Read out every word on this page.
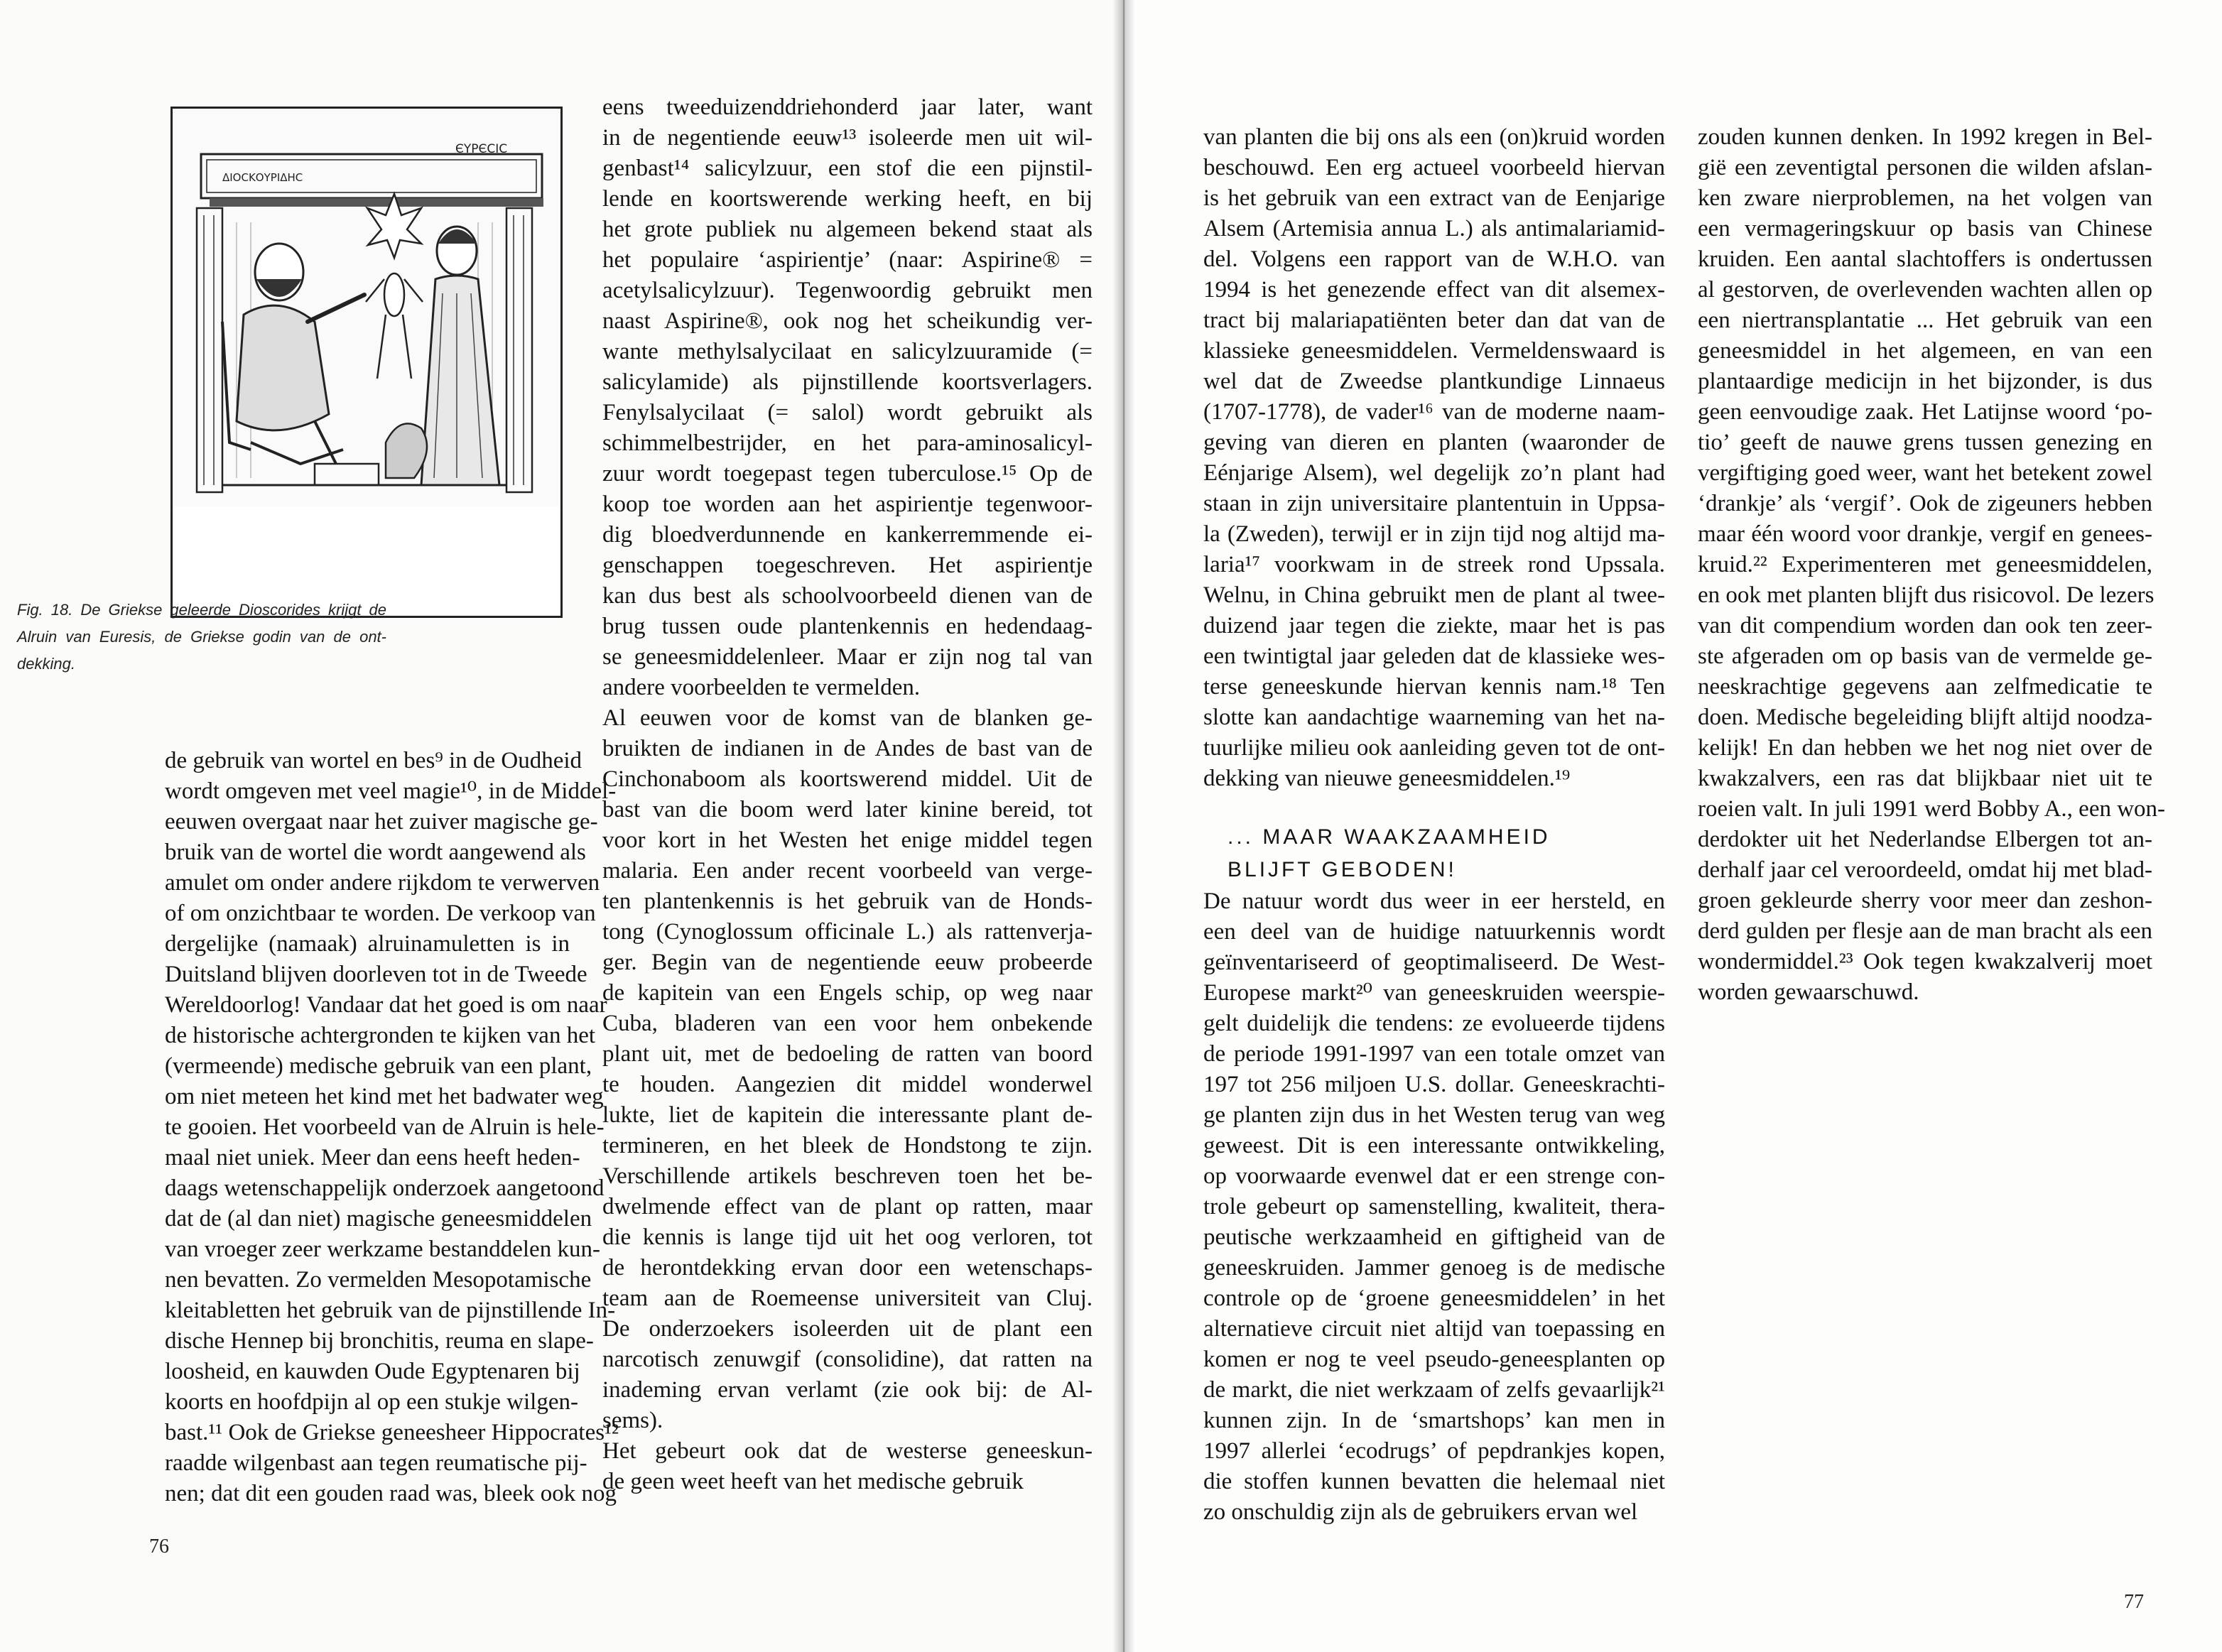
ΔΙΟCΚΟΥΡΙΔΗC
ЄΥΡЄCIC
Fig. 18. De Griekse geleerde Dioscorides krijgt de
Alruin van Euresis, de Griekse godin van de ont-
dekking.
de gebruik van wortel en bes⁹ in de Oudheid
wordt omgeven met veel magie¹⁰, in de Middel-
eeuwen overgaat naar het zuiver magische ge-
bruik van de wortel die wordt aangewend als
amulet om onder andere rijkdom te verwerven
of om onzichtbaar te worden. De verkoop van
dergelijke (namaak) alruinamuletten is in
Duitsland blijven doorleven tot in de Tweede
Wereldoorlog! Vandaar dat het goed is om naar
de historische achtergronden te kijken van het
(vermeende) medische gebruik van een plant,
om niet meteen het kind met het badwater weg
te gooien. Het voorbeeld van de Alruin is hele-
maal niet uniek. Meer dan eens heeft heden-
daags wetenschappelijk onderzoek aangetoond
dat de (al dan niet) magische geneesmiddelen
van vroeger zeer werkzame bestanddelen kun-
nen bevatten. Zo vermelden Mesopotamische
kleitabletten het gebruik van de pijnstillende In-
dische Hennep bij bronchitis, reuma en slape-
loosheid, en kauwden Oude Egyptenaren bij
koorts en hoofdpijn al op een stukje wilgen-
bast.¹¹ Ook de Griekse geneesheer Hippocrates¹²
raadde wilgenbast aan tegen reumatische pij-
nen; dat dit een gouden raad was, bleek ook nog
eens tweeduizenddriehonderd jaar later, want
in de negentiende eeuw¹³ isoleerde men uit wil-
genbast¹⁴ salicylzuur, een stof die een pijnstil-
lende en koortswerende werking heeft, en bij
het grote publiek nu algemeen bekend staat als
het populaire ‘aspirientje’ (naar: Aspirine® =
acetylsalicylzuur). Tegenwoordig gebruikt men
naast Aspirine®, ook nog het scheikundig ver-
wante methylsalycilaat en salicylzuuramide (=
salicylamide) als pijnstillende koortsverlagers.
Fenylsalycilaat (= salol) wordt gebruikt als
schimmelbestrijder, en het para-aminosalicyl-
zuur wordt toegepast tegen tuberculose.¹⁵ Op de
koop toe worden aan het aspirientje tegenwoor-
dig bloedverdunnende en kankerremmende ei-
genschappen toegeschreven. Het aspirientje
kan dus best als schoolvoorbeeld dienen van de
brug tussen oude plantenkennis en hedendaag-
se geneesmiddelenleer. Maar er zijn nog tal van
andere voorbeelden te vermelden.
Al eeuwen voor de komst van de blanken ge-
bruikten de indianen in de Andes de bast van de
Cinchonaboom als koortswerend middel. Uit de
bast van die boom werd later kinine bereid, tot
voor kort in het Westen het enige middel tegen
malaria. Een ander recent voorbeeld van verge-
ten plantenkennis is het gebruik van de Honds-
tong (Cynoglossum officinale L.) als rattenverja-
ger. Begin van de negentiende eeuw probeerde
de kapitein van een Engels schip, op weg naar
Cuba, bladeren van een voor hem onbekende
plant uit, met de bedoeling de ratten van boord
te houden. Aangezien dit middel wonderwel
lukte, liet de kapitein die interessante plant de-
termineren, en het bleek de Hondstong te zijn.
Verschillende artikels beschreven toen het be-
dwelmende effect van de plant op ratten, maar
die kennis is lange tijd uit het oog verloren, tot
de herontdekking ervan door een wetenschaps-
team aan de Roemeense universiteit van Cluj.
De onderzoekers isoleerden uit de plant een
narcotisch zenuwgif (consolidine), dat ratten na
inademing ervan verlamt (zie ook bij: de Al-
sems).
Het gebeurt ook dat de westerse geneeskun-
de geen weet heeft van het medische gebruik
76
van planten die bij ons als een (on)kruid worden
beschouwd. Een erg actueel voorbeeld hiervan
is het gebruik van een extract van de Eenjarige
Alsem (Artemisia annua L.) als antimalariamid-
del. Volgens een rapport van de W.H.O. van
1994 is het genezende effect van dit alsemex-
tract bij malariapatiënten beter dan dat van de
klassieke geneesmiddelen. Vermeldenswaard is
wel dat de Zweedse plantkundige Linnaeus
(1707-1778), de vader¹⁶ van de moderne naam-
geving van dieren en planten (waaronder de
Eénjarige Alsem), wel degelijk zo’n plant had
staan in zijn universitaire plantentuin in Uppsa-
la (Zweden), terwijl er in zijn tijd nog altijd ma-
laria¹⁷ voorkwam in de streek rond Upssala.
Welnu, in China gebruikt men de plant al twee-
duizend jaar tegen die ziekte, maar het is pas
een twintigtal jaar geleden dat de klassieke wes-
terse geneeskunde hiervan kennis nam.¹⁸ Ten
slotte kan aandachtige waarneming van het na-
tuurlijke milieu ook aanleiding geven tot de ont-
dekking van nieuwe geneesmiddelen.¹⁹
... MAAR WAAKZAAMHEID
BLIJFT GEBODEN!
De natuur wordt dus weer in eer hersteld, en
een deel van de huidige natuurkennis wordt
geïnventariseerd of geoptimaliseerd. De West-
Europese markt²⁰ van geneeskruiden weerspie-
gelt duidelijk die tendens: ze evolueerde tijdens
de periode 1991-1997 van een totale omzet van
197 tot 256 miljoen U.S. dollar. Geneeskrachti-
ge planten zijn dus in het Westen terug van weg
geweest. Dit is een interessante ontwikkeling,
op voorwaarde evenwel dat er een strenge con-
trole gebeurt op samenstelling, kwaliteit, thera-
peutische werkzaamheid en giftigheid van de
geneeskruiden. Jammer genoeg is de medische
controle op de ‘groene geneesmiddelen’ in het
alternatieve circuit niet altijd van toepassing en
komen er nog te veel pseudo-geneesplanten op
de markt, die niet werkzaam of zelfs gevaarlijk²¹
kunnen zijn. In de ‘smartshops’ kan men in
1997 allerlei ‘ecodrugs’ of pepdrankjes kopen,
die stoffen kunnen bevatten die helemaal niet
zo onschuldig zijn als de gebruikers ervan wel
zouden kunnen denken. In 1992 kregen in Bel-
gië een zeventigtal personen die wilden afslan-
ken zware nierproblemen, na het volgen van
een vermageringskuur op basis van Chinese
kruiden. Een aantal slachtoffers is ondertussen
al gestorven, de overlevenden wachten allen op
een niertransplantatie ... Het gebruik van een
geneesmiddel in het algemeen, en van een
plantaardige medicijn in het bijzonder, is dus
geen eenvoudige zaak. Het Latijnse woord ‘po-
tio’ geeft de nauwe grens tussen genezing en
vergiftiging goed weer, want het betekent zowel
‘drankje’ als ‘vergif’. Ook de zigeuners hebben
maar één woord voor drankje, vergif en genees-
kruid.²² Experimenteren met geneesmiddelen,
en ook met planten blijft dus risicovol. De lezers
van dit compendium worden dan ook ten zeer-
ste afgeraden om op basis van de vermelde ge-
neeskrachtige gegevens aan zelfmedicatie te
doen. Medische begeleiding blijft altijd noodza-
kelijk! En dan hebben we het nog niet over de
kwakzalvers, een ras dat blijkbaar niet uit te
roeien valt. In juli 1991 werd Bobby A., een won-
derdokter uit het Nederlandse Elbergen tot an-
derhalf jaar cel veroordeeld, omdat hij met blad-
groen gekleurde sherry voor meer dan zeshon-
derd gulden per flesje aan de man bracht als een
wondermiddel.²³ Ook tegen kwakzalverij moet
worden gewaarschuwd.
77
